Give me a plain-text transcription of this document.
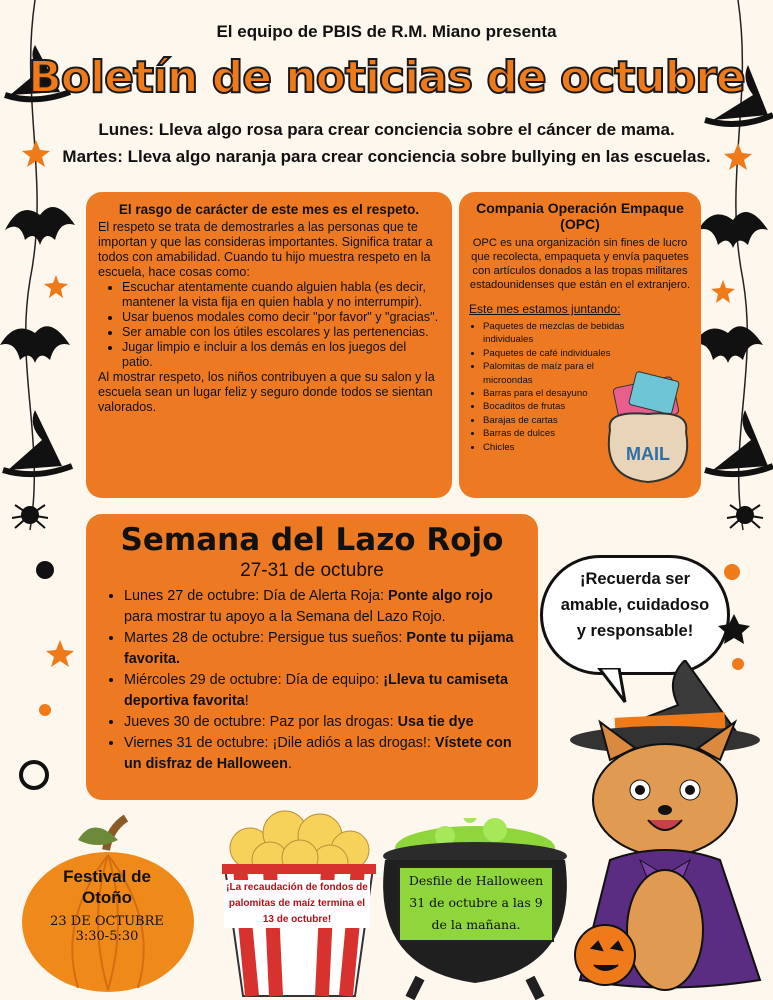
El equipo de PBIS de R.M. Miano presenta
Boletín de noticias de octubre
Lunes: Lleva algo rosa para crear conciencia sobre el cáncer de mama.
Martes: Lleva algo naranja para crear conciencia sobre bullying en las escuelas.
El rasgo de carácter de este mes es el respeto.

El respeto se trata de demostrarles a las personas que te importan y que las consideras importantes. Significa tratar a todos con amabilidad. Cuando tu hijo muestra respeto en la escuela, hace cosas como:

• Escuchar atentamente cuando alguien habla (es decir, mantener la vista fija en quien habla y no interrumpir).
• Usar buenos modales como decir "por favor" y "gracias".
• Ser amable con los útiles escolares y las pertenencias.
• Jugar limpio e incluir a los demás en los juegos del patio.

Al mostrar respeto, los niños contribuyen a que su salon y la escuela sean un lugar feliz y seguro donde todos se sientan valorados.

Compania Operación Empaque (OPC)

OPC es una organización sin fines de lucro que recolecta, empaqueta y envía paquetes con artículos donados a las tropas militares estadounidenses que están en el extranjero.

Este mes estamos juntando:

• Paquetes de mezclas de bebidas individuales
• Paquetes de café individuales
• Palomitas de maíz para el microondas
• Barras para el desayuno
• Bocaditos de frutas
• Barajas de cartas
• Barras de dulces
• Chicles	MAIL
Semana del Lazo Rojo
27-31 de octubre
• Lunes 27 de octubre: Día de Alerta Roja: Ponte algo rojo para mostrar tu apoyo a la Semana del Lazo Rojo.
• Martes 28 de octubre: Persigue tus sueños: Ponte tu pijama favorita.
• Miércoles 29 de octubre: Día de equipo: ¡Lleva tu camiseta deportiva favorita!
• Jueves 30 de octubre: Paz por las drogas: Usa tie dye
• Viernes 31 de octubre: ¡Dile adiós a las drogas!: Vístete con un disfraz de Halloween.
¡Recuerda ser
amable, cuidadoso
y responsable!
Festival de Otoño
23 DE OCTUBRE
3:30-5:30
¡La recaudación de fondos de palomitas de maíz termina el 13 de octubre!
Desfile de Halloween 31 de octubre a las 9 de la mañana.
